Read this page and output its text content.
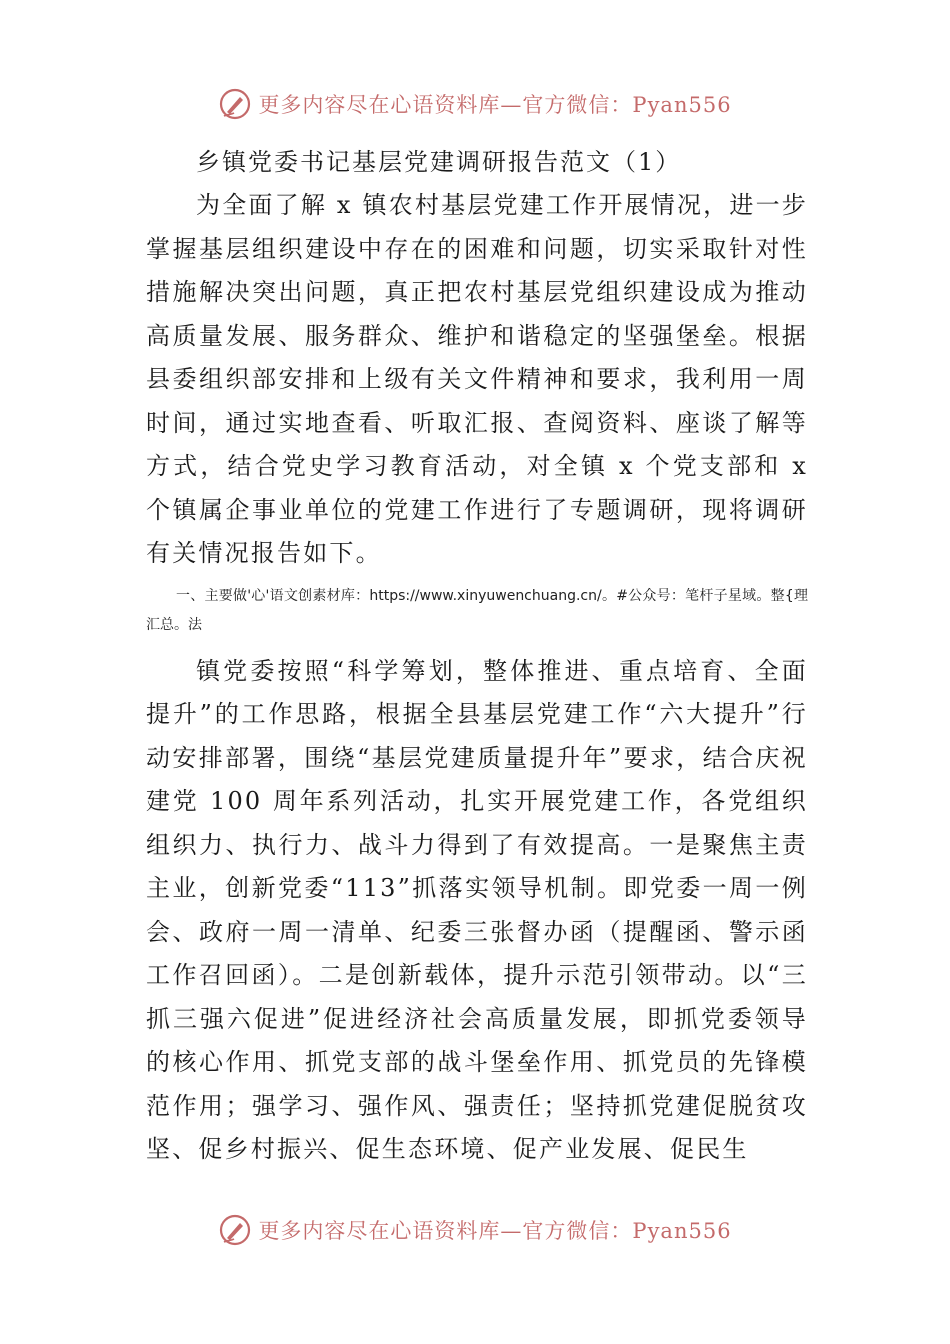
更多内容尽在心语资料库—官方微信：Pyan556
乡镇党委书记基层党建调研报告范文（1）

为全面了解 x 镇农村基层党建工作开展情况，进一步掌握基层组织建设中存在的困难和问题，切实采取针对性措施解决突出问题，真正把农村基层党组织建设成为推动高质量发展、服务群众、维护和谐稳定的坚强堡垒。根据县委组织部安排和上级有关文件精神和要求，我利用一周时间，通过实地查看、听取汇报、查阅资料、座谈了解等方式，结合党史学习教育活动，对全镇 x 个党支部和 x 个镇属企事业单位的党建工作进行了专题调研，现将调研有关情况报告如下。

一、主要做'心'语文创素材库：https://www.xinyuwenchuang.cn/。#公众号：笔杆子星域。整{理汇总。法

镇党委按照“科学筹划，整体推进、重点培育、全面提升”的工作思路，根据全县基层党建工作“六大提升”行动安排部署，围绕“基层党建质量提升年”要求，结合庆祝建党 100 周年系列活动，扎实开展党建工作，各党组织组织力、执行力、战斗力得到了有效提高。一是聚焦主责主业，创新党委“113”抓落实领导机制。即党委一周一例会、政府一周一清单、纪委三张督办函（提醒函、警示函工作召回函）。二是创新载体，提升示范引领带动。以“三抓三强六促进”促进经济社会高质量发展，即抓党委领导的核心作用、抓党支部的战斗堡垒作用、抓党员的先锋模范作用；强学习、强作风、强责任；坚持抓党建促脱贫攻坚、促乡村振兴、促生态环境、促产业发展、促民生

更多内容尽在心语资料库—官方微信：Pyan556
